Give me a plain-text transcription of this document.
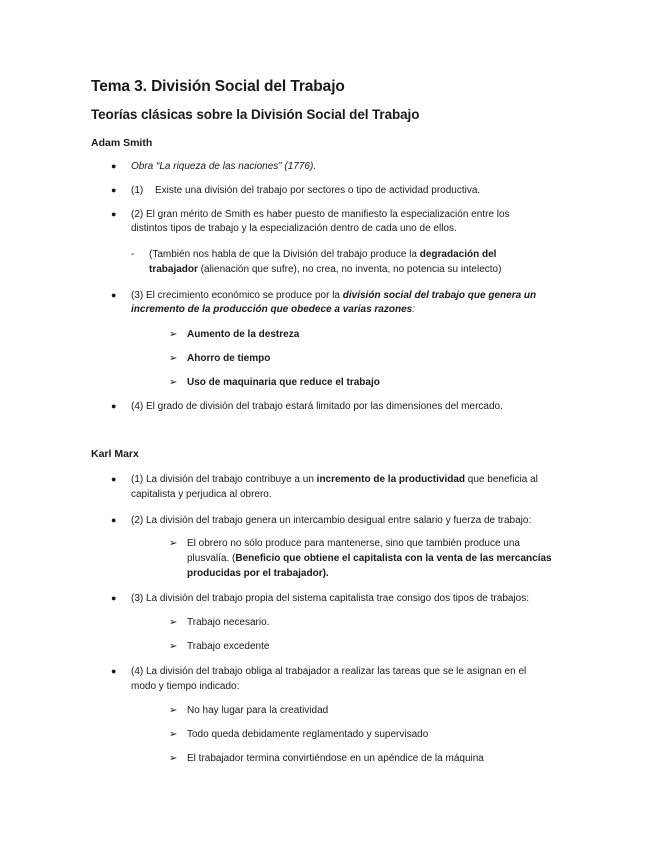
Tema 3. División Social del Trabajo
Teorías clásicas sobre la División Social del Trabajo
Adam Smith
● Obra “La riqueza de las naciones” (1776).
● (1) Existe una división del trabajo por sectores o tipo de actividad productiva.
● (2) El gran mérito de Smith es haber puesto de manifiesto la especialización entre los
distintos tipos de trabajo y la especialización dentro de cada uno de ellos.
- (También nos habla de que la División del trabajo produce la degradación del
trabajador (alienación que sufre), no crea, no inventa, no potencia su intelecto)
● (3) El crecimiento económico se produce por la división social del trabajo que genera un
incremento de la producción que obedece a varias razones:
➢ Aumento de la destreza
➢ Ahorro de tiempo
➢ Uso de maquinaria que reduce el trabajo
● (4) El grado de división del trabajo estará limitado por las dimensiones del mercado.
Karl Marx
● (1) La división del trabajo contribuye a un incremento de la productividad que beneficia al
capitalista y perjudica al obrero.
● (2) La división del trabajo genera un intercambio desigual entre salario y fuerza de trabajo:
➢ El obrero no sólo produce para mantenerse, sino que también produce una
plusvalía. (Beneficio que obtiene el capitalista con la venta de las mercancías
producidas por el trabajador).
● (3) La división del trabajo propia del sistema capitalista trae consigo dos tipos de trabajos:
➢ Trabajo necesario.
➢ Trabajo excedente
● (4) La división del trabajo obliga al trabajador a realizar las tareas que se le asignan en el
modo y tiempo indicado:
➢ No hay lugar para la creatividad
➢ Todo queda debidamente reglamentado y supervisado
➢ El trabajador termina convirtiéndose en un apéndice de la máquina
